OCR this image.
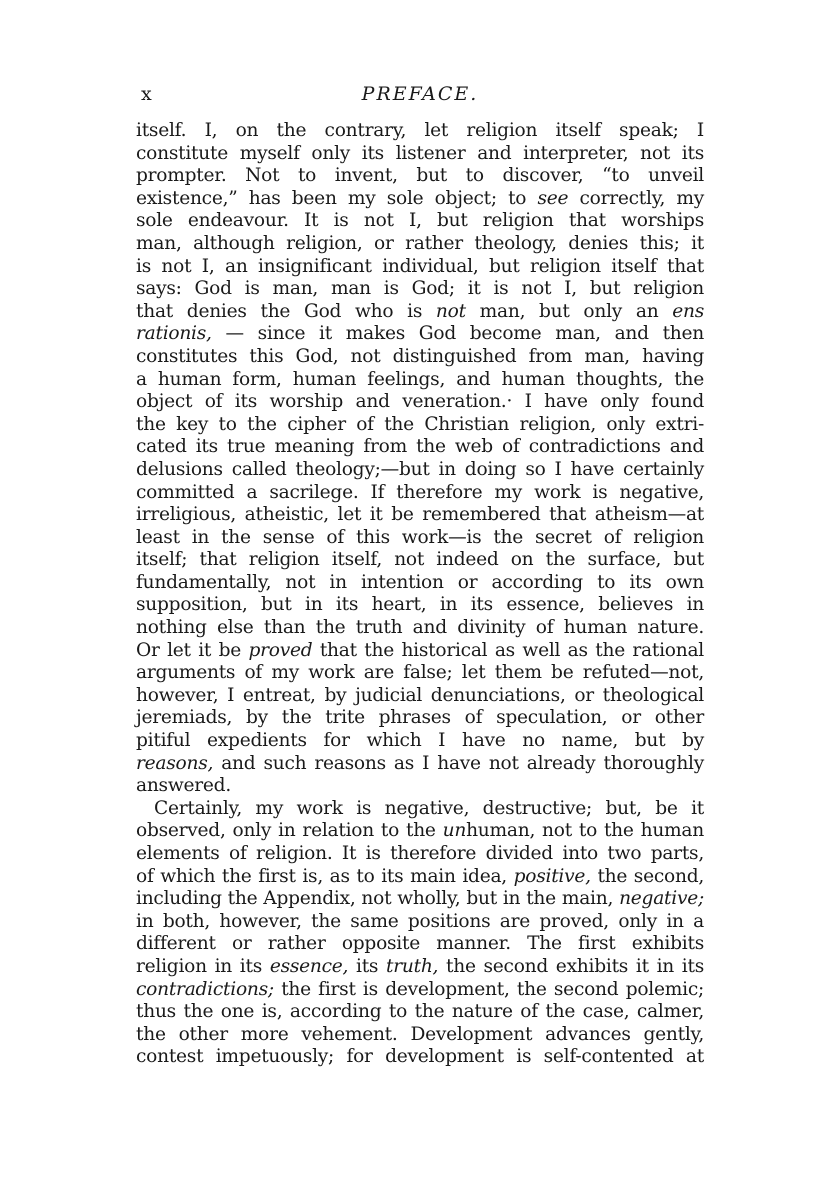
x	PREFACE.
itself. I, on the contrary, let religion itself speak; I
constitute myself only its listener and interpreter, not its
prompter. Not to invent, but to discover, “to unveil
existence,” has been my sole object; to see correctly, my
sole endeavour. It is not I, but religion that worships
man, although religion, or rather theology, denies this; it
is not I, an insignificant individual, but religion itself that
says: God is man, man is God; it is not I, but religion
that denies the God who is not man, but only an ens
rationis, — since it makes God become man, and then
constitutes this God, not distinguished from man, having
a human form, human feelings, and human thoughts, the
object of its worship and veneration.· I have only found
the key to the cipher of the Christian religion, only extri-
cated its true meaning from the web of contradictions and
delusions called theology;—but in doing so I have certainly
committed a sacrilege. If therefore my work is negative,
irreligious, atheistic, let it be remembered that atheism—at
least in the sense of this work—is the secret of religion
itself; that religion itself, not indeed on the surface, but
fundamentally, not in intention or according to its own
supposition, but in its heart, in its essence, believes in
nothing else than the truth and divinity of human nature.
Or let it be proved that the historical as well as the rational
arguments of my work are false; let them be refuted—not,
however, I entreat, by judicial denunciations, or theological
jeremiads, by the trite phrases of speculation, or other
pitiful expedients for which I have no name, but by
reasons, and such reasons as I have not already thoroughly
answered.
Certainly, my work is negative, destructive; but, be it
observed, only in relation to the unhuman, not to the human
elements of religion. It is therefore divided into two parts,
of which the first is, as to its main idea, positive, the second,
including the Appendix, not wholly, but in the main, negative;
in both, however, the same positions are proved, only in a
different or rather opposite manner. The first exhibits
religion in its essence, its truth, the second exhibits it in its
contradictions; the first is development, the second polemic;
thus the one is, according to the nature of the case, calmer,
the other more vehement. Development advances gently,
contest impetuously; for development is self-contented at
